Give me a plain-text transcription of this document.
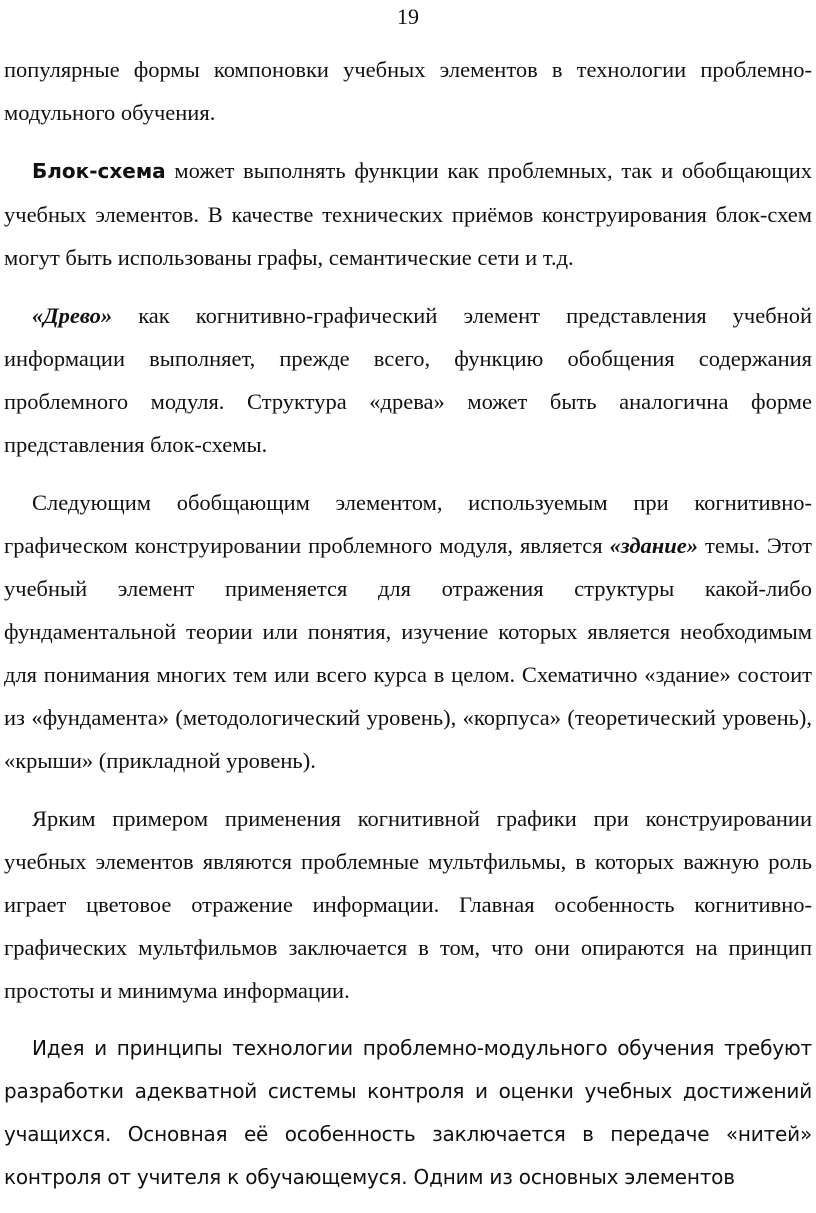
19

популярные формы компоновки учебных элементов в технологии проблемно-модульного обучения.

Блок-схема может выполнять функции как проблемных, так и обобщающих учебных элементов. В качестве технических приёмов конструирования блок-схем могут быть использованы графы, семантические сети и т.д.

«Древо» как когнитивно-графический элемент представления учебной информации выполняет, прежде всего, функцию обобщения содержания проблемного модуля. Структура «древа» может быть аналогична форме представления блок-схемы.

Следующим обобщающим элементом, используемым при когнитивно-графическом конструировании проблемного модуля, является «здание» темы. Этот учебный элемент применяется для отражения структуры какой-либо фундаментальной теории или понятия, изучение которых является необходимым для понимания многих тем или всего курса в целом. Схематично «здание» состоит из «фундамента» (методологический уровень), «корпуса» (теоретический уровень), «крыши» (прикладной уровень).

Ярким примером применения когнитивной графики при конструировании учебных элементов являются проблемные мультфильмы, в которых важную роль играет цветовое отражение информации. Главная особенность когнитивно-графических мультфильмов заключается в том, что они опираются на принцип простоты и минимума информации.

Идея и принципы технологии проблемно-модульного обучения требуют разработки адекватной системы контроля и оценки учебных достижений учащихся. Основная её особенность заключается в передаче «нитей» контроля от учителя к обучающемуся. Одним из основных элементов
